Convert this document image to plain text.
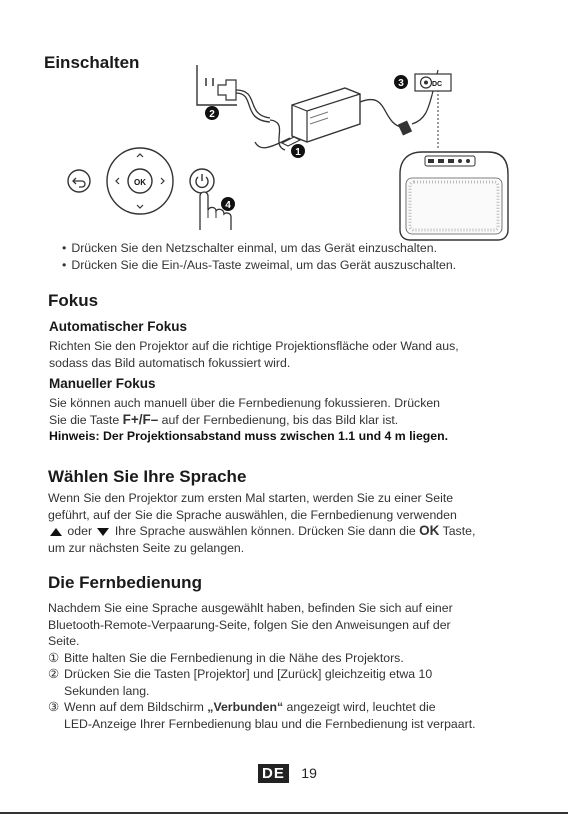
Einschalten
DC
3
2
1
4
OK
• Drücken Sie den Netzschalter einmal, um das Gerät einzuschalten.
• Drücken Sie die Ein-/Aus-Taste zweimal, um das Gerät auszuschalten.
Fokus
Automatischer Fokus

Richten Sie den Projektor auf die richtige Projektionsfläche oder Wand aus,

sodass das Bild automatisch fokussiert wird.

Manueller Fokus

Sie können auch manuell über die Fernbedienung fokussieren. Drücken

Sie die Taste F+/F– auf der Fernbedienung, bis das Bild klar ist.

Hinweis: Der Projektionsabstand muss zwischen 1.1 und 4 m liegen.

Wählen Sie Ihre Sprache

Wenn Sie den Projektor zum ersten Mal starten, werden Sie zu einer Seite

geführt, auf der Sie die Sprache auswählen, die Fernbedienung verwenden

oder Ihre Sprache auswählen können. Drücken Sie dann die OK Taste,

um zur nächsten Seite zu gelangen.

Die Fernbedienung

Nachdem Sie eine Sprache ausgewählt haben, befinden Sie sich auf einer

Bluetooth-Remote-Verpaarung-Seite, folgen Sie den Anweisungen auf der

Seite.

① Bitte halten Sie die Fernbedienung in die Nähe des Projektors.

② Drücken Sie die Tasten [Projektor] und [Zurück] gleichzeitig etwa 10

Sekunden lang.

③ Wenn auf dem Bildschirm „Verbunden“ angezeigt wird, leuchtet die

LED-Anzeige Ihrer Fernbedienung blau und die Fernbedienung ist verpaart.

DE 19
